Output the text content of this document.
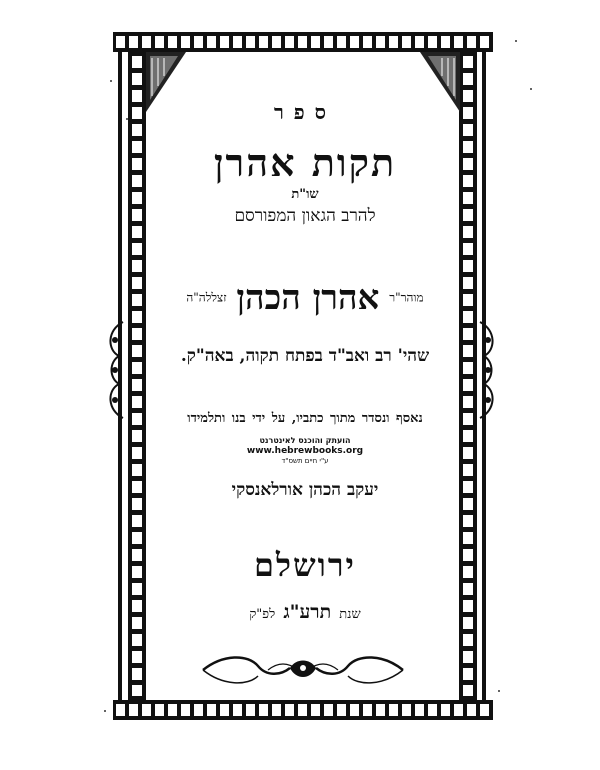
ספר
תקות אהרן
שו"ת
להרב הגאון המפורסם
מוהר"ר אהרן הכהן זצללה"ה
שהי' רב ואב"ד בפתח תקוה, באה"ק.
נאסף ונסדר מתוך כתביו, על ידי בנו ותלמידו
הועתק והוכנס לאינטרנט
www.hebrewbooks.org
ע"י חיים תשס"ד
יעקב הכהן אורלאנסקי
ירושלם
שנת תרע"ג לפ"ק
